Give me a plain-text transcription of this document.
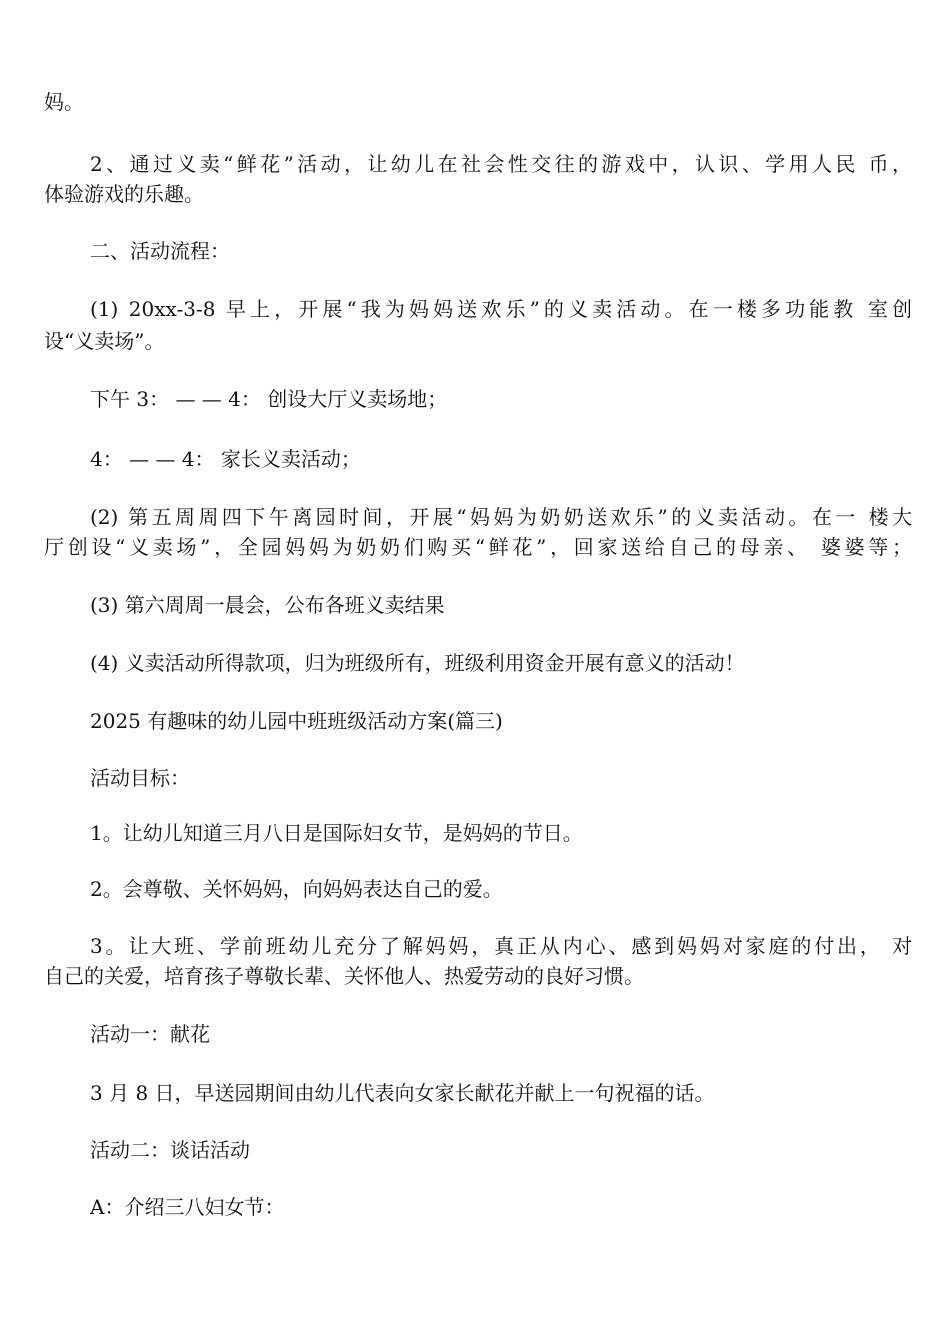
妈。
2、通过义卖“鲜花”活动，让幼儿在社会性交往的游戏中，认识、学用人民 币，
体验游戏的乐趣。
二、活动流程：
(1) 20xx-3-8 早上，开展“我为妈妈送欢乐”的义卖活动。在一楼多功能教 室创
设“义卖场”。
下午 3： — — 4： 创设大厅义卖场地；
4： — — 4： 家长义卖活动；
(2) 第五周周四下午离园时间，开展“妈妈为奶奶送欢乐”的义卖活动。在一 楼大
厅创设“义卖场”，全园妈妈为奶奶们购买“鲜花”，回家送给自己的母亲、 婆婆等；
(3) 第六周周一晨会，公布各班义卖结果
(4) 义卖活动所得款项，归为班级所有，班级利用资金开展有意义的活动！
2025 有趣味的幼儿园中班班级活动方案(篇三)
活动目标：
1。让幼儿知道三月八日是国际妇女节，是妈妈的节日。
2。会尊敬、关怀妈妈，向妈妈表达自己的爱。
3。让大班、学前班幼儿充分了解妈妈，真正从内心、感到妈妈对家庭的付出， 对
自己的关爱，培育孩子尊敬长辈、关怀他人、热爱劳动的良好习惯。
活动一：献花
3 月 8 日，早送园期间由幼儿代表向女家长献花并献上一句祝福的话。
活动二：谈话活动
A：介绍三八妇女节：
